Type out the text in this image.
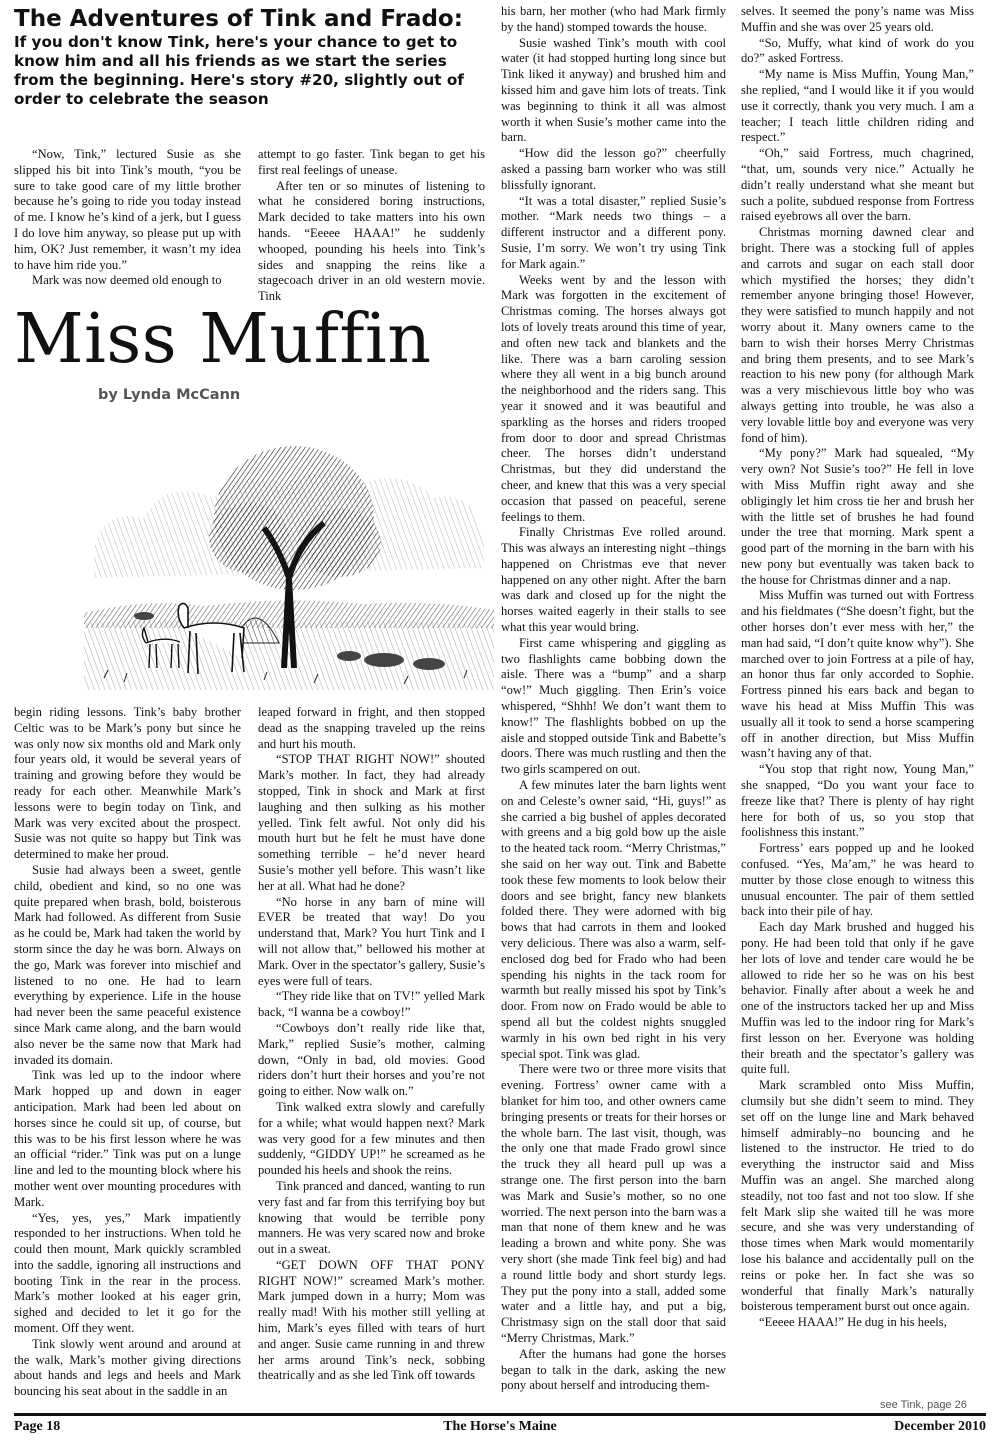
The Adventures of Tink and Frado:
If you don't know Tink, here's your chance to get to know him and all his friends as we start the series from the beginning. Here's story #20, slightly out of order to celebrate the season

“Now, Tink,” lectured Susie as she slipped his bit into Tink’s mouth, “you be sure to take good care of my little brother because he’s going to ride you today instead of me. I know he’s kind of a jerk, but I guess I do love him anyway, so please put up with him, OK? Just remember, it wasn’t my idea to have him ride you.”

Mark was now deemed old enough to

attempt to go faster. Tink began to get his first real feelings of unease.

After ten or so minutes of listening to what he considered boring instructions, Mark decided to take matters into his own hands. “Eeeee HAAA!” he suddenly whooped, pounding his heels into Tink’s sides and snapping the reins like a stagecoach driver in an old western movie. Tink

Miss Muffin
by Lynda McCann

begin riding lessons. Tink’s baby brother Celtic was to be Mark’s pony but since he was only now six months old and Mark only four years old, it would be several years of training and growing before they would be ready for each other. Meanwhile Mark’s lessons were to begin today on Tink, and Mark was very excited about the prospect. Susie was not quite so happy but Tink was determined to make her proud.

Susie had always been a sweet, gentle child, obedient and kind, so no one was quite prepared when brash, bold, boisterous Mark had followed. As different from Susie as he could be, Mark had taken the world by storm since the day he was born. Always on the go, Mark was forever into mischief and listened to no one. He had to learn everything by experience. Life in the house had never been the same peaceful existence since Mark came along, and the barn would also never be the same now that Mark had invaded its domain.

Tink was led up to the indoor where Mark hopped up and down in eager anticipation. Mark had been led about on horses since he could sit up, of course, but this was to be his first lesson where he was an official “rider.” Tink was put on a lunge line and led to the mounting block where his mother went over mounting procedures with Mark.

“Yes, yes, yes,” Mark impatiently responded to her instructions. When told he could then mount, Mark quickly scrambled into the saddle, ignoring all instructions and booting Tink in the rear in the process. Mark’s mother looked at his eager grin, sighed and decided to let it go for the moment. Off they went.

Tink slowly went around and around at the walk, Mark’s mother giving directions about hands and legs and heels and Mark bouncing his seat about in the saddle in an

leaped forward in fright, and then stopped dead as the snapping traveled up the reins and hurt his mouth.

“STOP THAT RIGHT NOW!” shouted Mark’s mother. In fact, they had already stopped, Tink in shock and Mark at first laughing and then sulking as his mother yelled. Tink felt awful. Not only did his mouth hurt but he felt he must have done something terrible – he’d never heard Susie’s mother yell before. This wasn’t like her at all. What had he done?

“No horse in any barn of mine will EVER be treated that way! Do you understand that, Mark? You hurt Tink and I will not allow that,” bellowed his mother at Mark. Over in the spectator’s gallery, Susie’s eyes were full of tears.

“They ride like that on TV!” yelled Mark back, “I wanna be a cowboy!”

“Cowboys don’t really ride like that, Mark,” replied Susie’s mother, calming down, “Only in bad, old movies. Good riders don’t hurt their horses and you’re not going to either. Now walk on.”

Tink walked extra slowly and carefully for a while; what would happen next? Mark was very good for a few minutes and then suddenly, “GIDDY UP!” he screamed as he pounded his heels and shook the reins.

Tink pranced and danced, wanting to run very fast and far from this terrifying boy but knowing that would be terrible pony manners. He was very scared now and broke out in a sweat.

“GET DOWN OFF THAT PONY RIGHT NOW!” screamed Mark’s mother. Mark jumped down in a hurry; Mom was really mad! With his mother still yelling at him, Mark’s eyes filled with tears of hurt and anger. Susie came running in and threw her arms around Tink’s neck, sobbing theatrically and as she led Tink off towards

his barn, her mother (who had Mark firmly by the hand) stomped towards the house.

Susie washed Tink’s mouth with cool water (it had stopped hurting long since but Tink liked it anyway) and brushed him and kissed him and gave him lots of treats. Tink was beginning to think it all was almost worth it when Susie’s mother came into the barn.

“How did the lesson go?” cheerfully asked a passing barn worker who was still blissfully ignorant.

“It was a total disaster,” replied Susie’s mother. “Mark needs two things – a different instructor and a different pony. Susie, I’m sorry. We won’t try using Tink for Mark again.”

Weeks went by and the lesson with Mark was forgotten in the excitement of Christmas coming. The horses always got lots of lovely treats around this time of year, and often new tack and blankets and the like. There was a barn caroling session where they all went in a big bunch around the neighborhood and the riders sang. This year it snowed and it was beautiful and sparkling as the horses and riders trooped from door to door and spread Christmas cheer. The horses didn’t understand Christmas, but they did understand the cheer, and knew that this was a very special occasion that passed on peaceful, serene feelings to them.

Finally Christmas Eve rolled around. This was always an interesting night –things happened on Christmas eve that never happened on any other night. After the barn was dark and closed up for the night the horses waited eagerly in their stalls to see what this year would bring.

First came whispering and giggling as two flashlights came bobbing down the aisle. There was a “bump” and a sharp “ow!” Much giggling. Then Erin’s voice whispered, “Shhh! We don’t want them to know!” The flashlights bobbed on up the aisle and stopped outside Tink and Babette’s doors. There was much rustling and then the two girls scampered on out.

A few minutes later the barn lights went on and Celeste’s owner said, “Hi, guys!” as she carried a big bushel of apples decorated with greens and a big gold bow up the aisle to the heated tack room. “Merry Christmas,” she said on her way out. Tink and Babette took these few moments to look below their doors and see bright, fancy new blankets folded there. They were adorned with big bows that had carrots in them and looked very delicious. There was also a warm, self-enclosed dog bed for Frado who had been spending his nights in the tack room for warmth but really missed his spot by Tink’s door. From now on Frado would be able to spend all but the coldest nights snuggled warmly in his own bed right in his very special spot. Tink was glad.

There were two or three more visits that evening. Fortress’ owner came with a blanket for him too, and other owners came bringing presents or treats for their horses or the whole barn. The last visit, though, was the only one that made Frado growl since the truck they all heard pull up was a strange one. The first person into the barn was Mark and Susie’s mother, so no one worried. The next person into the barn was a man that none of them knew and he was leading a brown and white pony. She was very short (she made Tink feel big) and had a round little body and short sturdy legs. They put the pony into a stall, added some water and a little hay, and put a big, Christmasy sign on the stall door that said “Merry Christmas, Mark.”

After the humans had gone the horses began to talk in the dark, asking the new pony about herself and introducing them-

selves. It seemed the pony’s name was Miss Muffin and she was over 25 years old.

“So, Muffy, what kind of work do you do?” asked Fortress.

“My name is Miss Muffin, Young Man,” she replied, “and I would like it if you would use it correctly, thank you very much. I am a teacher; I teach little children riding and respect.”

“Oh,” said Fortress, much chagrined, “that, um, sounds very nice.” Actually he didn’t really understand what she meant but such a polite, subdued response from Fortress raised eyebrows all over the barn.

Christmas morning dawned clear and bright. There was a stocking full of apples and carrots and sugar on each stall door which mystified the horses; they didn’t remember anyone bringing those! However, they were satisfied to munch happily and not worry about it. Many owners came to the barn to wish their horses Merry Christmas and bring them presents, and to see Mark’s reaction to his new pony (for although Mark was a very mischievous little boy who was always getting into trouble, he was also a very lovable little boy and everyone was very fond of him).

“My pony?” Mark had squealed, “My very own? Not Susie’s too?” He fell in love with Miss Muffin right away and she obligingly let him cross tie her and brush her with the little set of brushes he had found under the tree that morning. Mark spent a good part of the morning in the barn with his new pony but eventually was taken back to the house for Christmas dinner and a nap.

Miss Muffin was turned out with Fortress and his fieldmates (“She doesn’t fight, but the other horses don’t ever mess with her,” the man had said, “I don’t quite know why”). She marched over to join Fortress at a pile of hay, an honor thus far only accorded to Sophie. Fortress pinned his ears back and began to wave his head at Miss Muffin This was usually all it took to send a horse scampering off in another direction, but Miss Muffin wasn’t having any of that.

“You stop that right now, Young Man,” she snapped, “Do you want your face to freeze like that? There is plenty of hay right here for both of us, so you stop that foolishness this instant.”

Fortress’ ears popped up and he looked confused. “Yes, Ma’am,” he was heard to mutter by those close enough to witness this unusual encounter. The pair of them settled back into their pile of hay.

Each day Mark brushed and hugged his pony. He had been told that only if he gave her lots of love and tender care would he be allowed to ride her so he was on his best behavior. Finally after about a week he and one of the instructors tacked her up and Miss Muffin was led to the indoor ring for Mark’s first lesson on her. Everyone was holding their breath and the spectator’s gallery was quite full.

Mark scrambled onto Miss Muffin, clumsily but she didn’t seem to mind. They set off on the lunge line and Mark behaved himself admirably–no bouncing and he listened to the instructor. He tried to do everything the instructor said and Miss Muffin was an angel. She marched along steadily, not too fast and not too slow. If she felt Mark slip she waited till he was more secure, and she was very understanding of those times when Mark would momentarily lose his balance and accidentally pull on the reins or poke her. In fact she was so wonderful that finally Mark’s naturally boisterous temperament burst out once again.

“Eeeee HAAA!” He dug in his heels,

see Tink, page 26
Page 18	The Horse's Maine	December 2010
